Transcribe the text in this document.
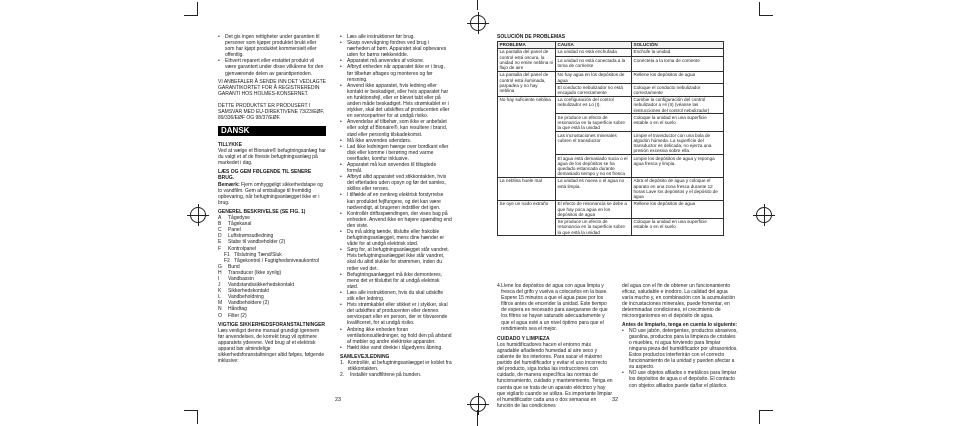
• Det gis ingen rettigheter under garantien til personer som kjøper produktet brukt eller som har kjøpt produktet kommersielt eller offentlig.
• Ethvert reparert eller erstattet produkt vil være garantert under disse vilkårene for den gjenværende delen av garantiperioden.
VI ANBEFALER Å SENDE INN DET VEDLAGTE GARANTIKORTET FOR Å REGISTREREDIN GARANTI HOS HOLMES-KONSERNET.
DETTE PRODUKTET ER PRODUSERT I SAMSVAR MED EU-DIREKTIVENE 73/23/EØF, 89/336/EØF OG 98/37/EØF.
DANSK
TILLYKKE
Ved at vælge et Bionaire® befugtningsanlæg har du valgt et af de fineste befugtningsanlæg på markedet i dag.
LÆS OG GEM FØLGENDE TIL SENERE BRUG.
Bemærk: Fjern omhyggeligt sikkerhedstape og to vandfilm. Gem al emballage til fremtidig opbevaring, når befugtningsanlægget ikke er i brug.
GENEREL BESKRIVELSE (SE FIG. 1)
A Tågedyse
B Tågekanal
C Panel
D Luftstrømsudledning
E Stabe til vandbeholder (2)
F Kontrolpanel
F1 Tilslutning Tænd/Sluk
F2 Tågekontrol / Fugtighedsniveaukontrol
G Bund
H Transducer (Ikke synlig)
I Vandbassin
J Vandstandssikkerhedskontakt
K Sikkerhedskontakt
L Vandbeholdning
M Vandbeholdere (2)
N Håndtag
O Filter (2)
VIGTIGE SIKKERHEDSFORANSTALTNINGER
Læs venligst denne manual grundigt igennem før anvendelses, de korrekt brug vil optimere apparatets ydeevne. Ved brug af et elektrisk apparat bør almindelige sikkerhedsforanstaltninger altid følges, følgende inklusive:
• Læs alle instruktioner før brug.
• Skarp overvågning fordres ved brug i nærheden af børn. Apparatet skal opbevares uden for børns rækkevidde.
• Apparatet må anvendes af voksne.
• Afbryd enheden når apparatet ikke er i brug, før tilbehør aftages og monteres og før rensning.
• Anvend ikke apparatet, hvis ledning eller kontakt er beskadiget, eller hvis apparatet har en funktionsfejl, eller er blevet tabt eller på anden måde beskadiget. Hvis strømkablet er i stykker, skal det udskiftes af producenten eller en servicepartner for at undgå risiko.
• Anvendelse af tilbehør, som ikke er anbefalet eller solgt af Bionaire®, kan resultere i brand, stød eller personlig tilskadekomst.
• Må ikke anvendes udendørs.
• Lad ikke ledningen hænge over bordkant eller disk eller komme i berøring med varme overflader, komfur inklusive.
• Apparatet må kun anvendes til tiltagtede formål.
• Afbryd altid apparatet ved stikkontakten, hvis det efterlades uden opsyn og før det samles, skilles eller renses.
• I tilfælde af en ovnkreg elektrisk forstyrrelse kan produktet fejlfungere, og det kan være nødvendigt, at brugeren indstiller det igen.
• Kontrollér driftsspændingen, der vises bag på enheden. Anvend ikke en højere spænding end den viste.
• Du må aldrig tænde, tilslutte eller frakoble befugtningsanlægget, mens dine hænder er våde for at undgå elektrisk stød.
• Sørg for, at befugtningsanlægget står vandret. Hvis befugtningsanlægget ikke står vandret, skal du altid slukke for strømmen, inden du retter ved det.
• Befugtningsanlægget må ikke demonteres, mens det er tilsluttet for at undgå elektrisk stød.
• Læs alle instruktionen, hvis du skal udskifte stik eller ledning.
• Hvis strømkablet eller stikket er i stykker, skal det udskiftes af producenten eller dennes servicepart eller en person, der er tilsvarende kvalificeret, for at undgå risiko.
• Anbring ikke enheden foran ventilationsudledninger, og hold den på afstand af møbler og andre elektriske apparater.
• Hæld ikke vand direkte i tågedyens åbning.
SAMLEVEJLEDNING
1. Kontrollér, at befugtningsanlægget er koblet fra stikkontakten.
2.	Installér vandfiltrene på bunden.
23
SOLUCIÓN DE PROBLEMAS
PROBLEMA	CAUSA	SOLUCIÓN
La pantalla del panel de control está oscura, la unidad no emite neblina ni flujo de aire	La unidad no está enchufada	Enchufe la unidad
	La unidad no está conectada a la toma de corriente	Conéctela a la toma de corriente
La pantalla del panel de control está iluminada, parpadea y no hay neblina	No hay agua en los depósitos de agua	Rellene los depósitos de agua
	El conducto nebulizador no está encajado correctamente	Coloque el conducto nebulizador correctamente
No hay suficiente neblina	La configuración del control nebulizador es Lo (I).	Cambie la configuración del control nebulizador a Hi (II) (véanse las instrucciones del control nebulizador)
	Se produce un efecto de resonancia en la superficie sobre la que está la unidad	Coloque la unidad en una superficie estable o en el suelo
	Las incrustaciones minerales cubren el transductor	Limpie el transductor con una bola de algodón húmeda. La superficie del transductor es delicada, no ejerza una presión excesiva sobre ella.
	El agua está demasiado sucia o el agua de los depósitos se ha quedado estancada durante demasiado tiempo y no es fresca	Limpie los depósitos de agua y reponga agua fresca y limpia.
La neblina huele mal	La unidad es nueva o el agua no está limpia.	Abra el depósito de agua y coloque el aparato en una zona fresca durante 12 horas Lave los depósitos y el depósito de agua
Se oye un ruido extraño	El efecto de resonancia se debe a que hay poca agua en los depósitos de agua	Rellene los depósitos de agua
	Se produce un efecto de resonancia en la superficie sobre la que está la unidad	Coloque la unidad en una superficie estable o en el suelo
4. Llene los depósitos de agua con agua limpia y fresca del grifo y vuelva a colocarlos en la base. Espere 15 minutos a que el agua pase por los filtros antes de encender la unidad. Este tiempo de espera es necesario para asegurarse de que los filtros se hayan saturado adecuadamente y que el agua esté a un nivel óptimo para que el rendimiento sea el mejor.
CUIDADO Y LIMPIEZA
Los humidificadores hacen el entorno más agradable añadiendo humedad al aire seco y caliente de los interiores. Para sacar el máximo partido del humidificador y evitar el uso incorrecto del producto, siga todas las instrucciones con cuidado, de manera específica las normas de funcionamiento, cuidado y mantenimiento. Tenga en cuenta que se trata de un aparato eléctrico y hay que vigilarlo cuando se utiliza. Es importante limpiar el humidificador cada una o dos semanas en función de las condiciones
del agua con el fin de obtener un funcionamiento eficaz, saludable e inodoro. La calidad del agua varía mucho y, en combinación con la acumulación de incrustaciones minerales, puede fomentar, en determinadas condiciones, el crecimiento de microorganismos en el depósito de agua.
Antes de limpiarlo, tenga en cuenta lo siguiente:
• NO use jabón, detergentes, productos abrasivos, gasolina, productos para la limpieza de cristales o muebles, ni agua hirviendo para limpiar ninguna pieza del humidificador por ultrasonidos. Estos productos interferirán con el correcto funcionamiento de la unidad y pueden afectar a su aspecto.
• NO use objetos afilados o metálicos para limpiar los depósitos de agua o el depósito. El contacto con objetos afilados puede dañar el plástico.
32
